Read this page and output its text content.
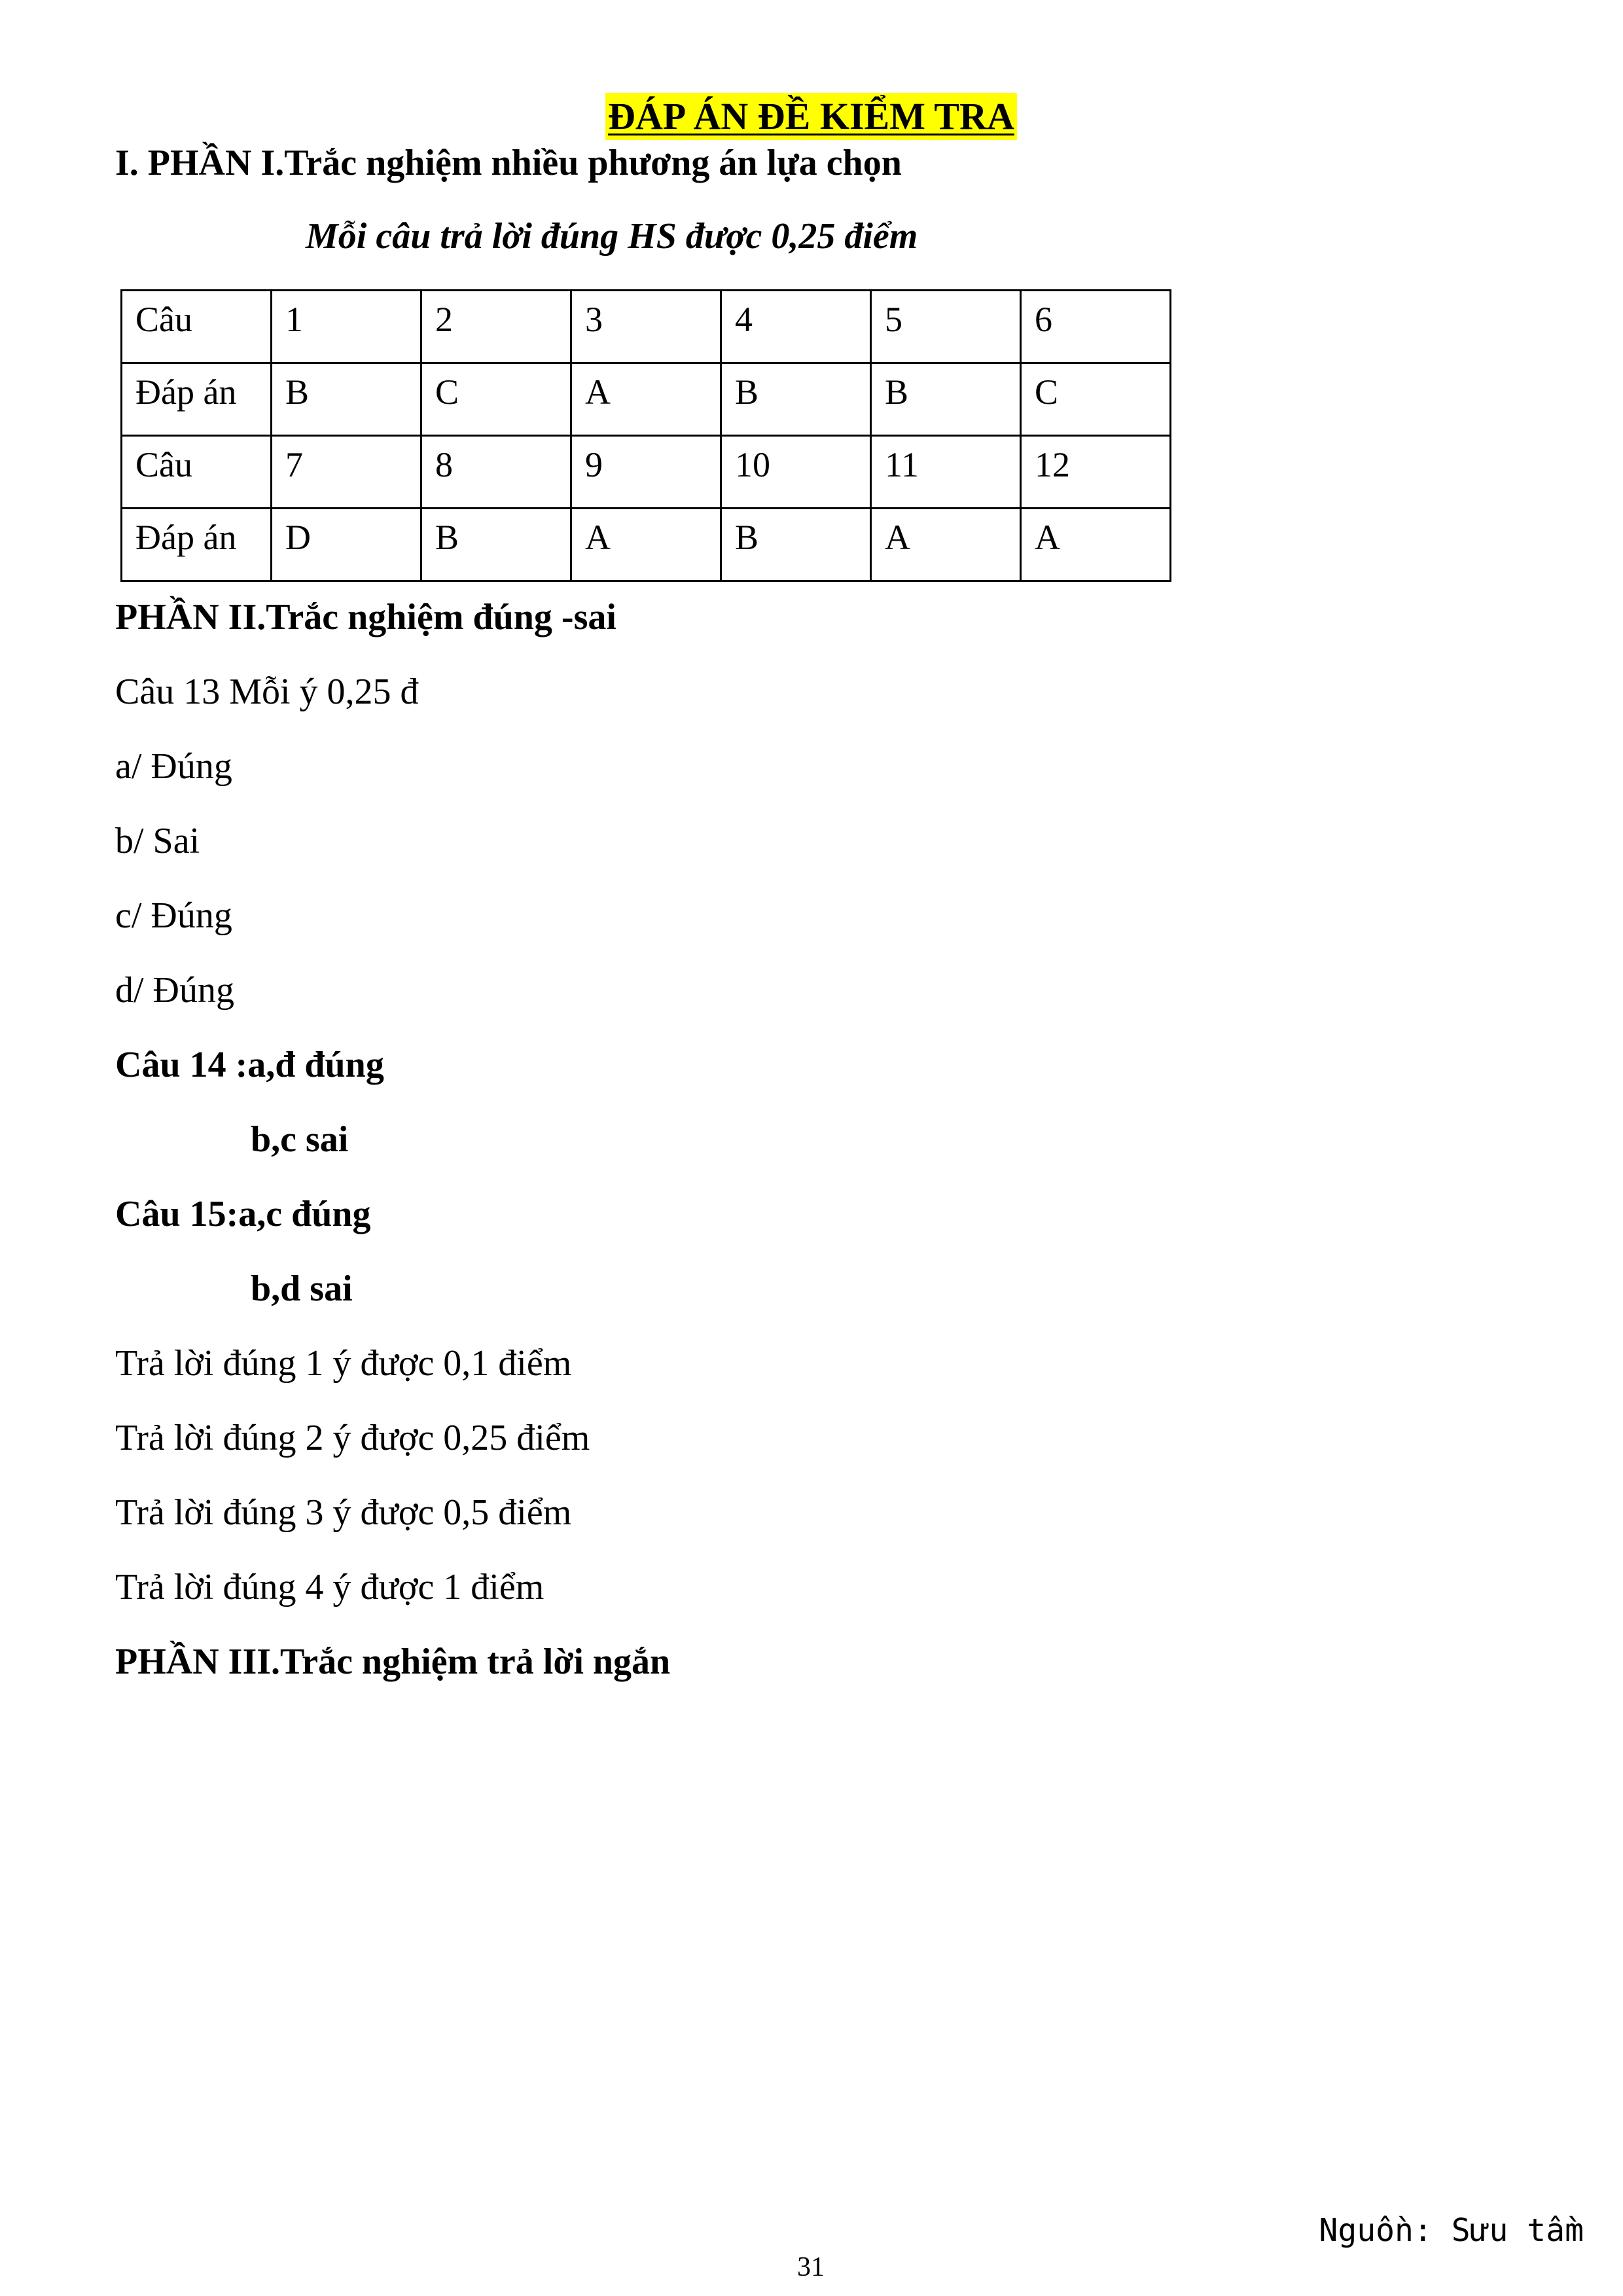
ĐÁP ÁN ĐỀ KIỂM TRA
I. PHẦN I.Trắc nghiệm nhiều phương án lựa chọn
Mỗi câu trả lời đúng HS được 0,25 điểm
Câu	1	2	3	4	5	6
Đáp án	B	C	A	B	B	C
Câu	7	8	9	10	11	12
Đáp án	D	B	A	B	A	A
PHẦN II.Trắc nghiệm đúng -sai
Câu 13 Mỗi ý 0,25 đ
a/ Đúng
b/ Sai
c/ Đúng
d/ Đúng
Câu 14 :a,đ đúng
b,c sai
Câu 15:a,c đúng
b,d sai
Trả lời đúng 1 ý được 0,1 điểm
Trả lời đúng 2 ý được 0,25 điểm
Trả lời đúng 3 ý được 0,5 điểm
Trả lời đúng 4 ý được 1 điểm
PHẦN III.Trắc nghiệm trả lời ngắn
Nguồn: Sưu tầm
31
